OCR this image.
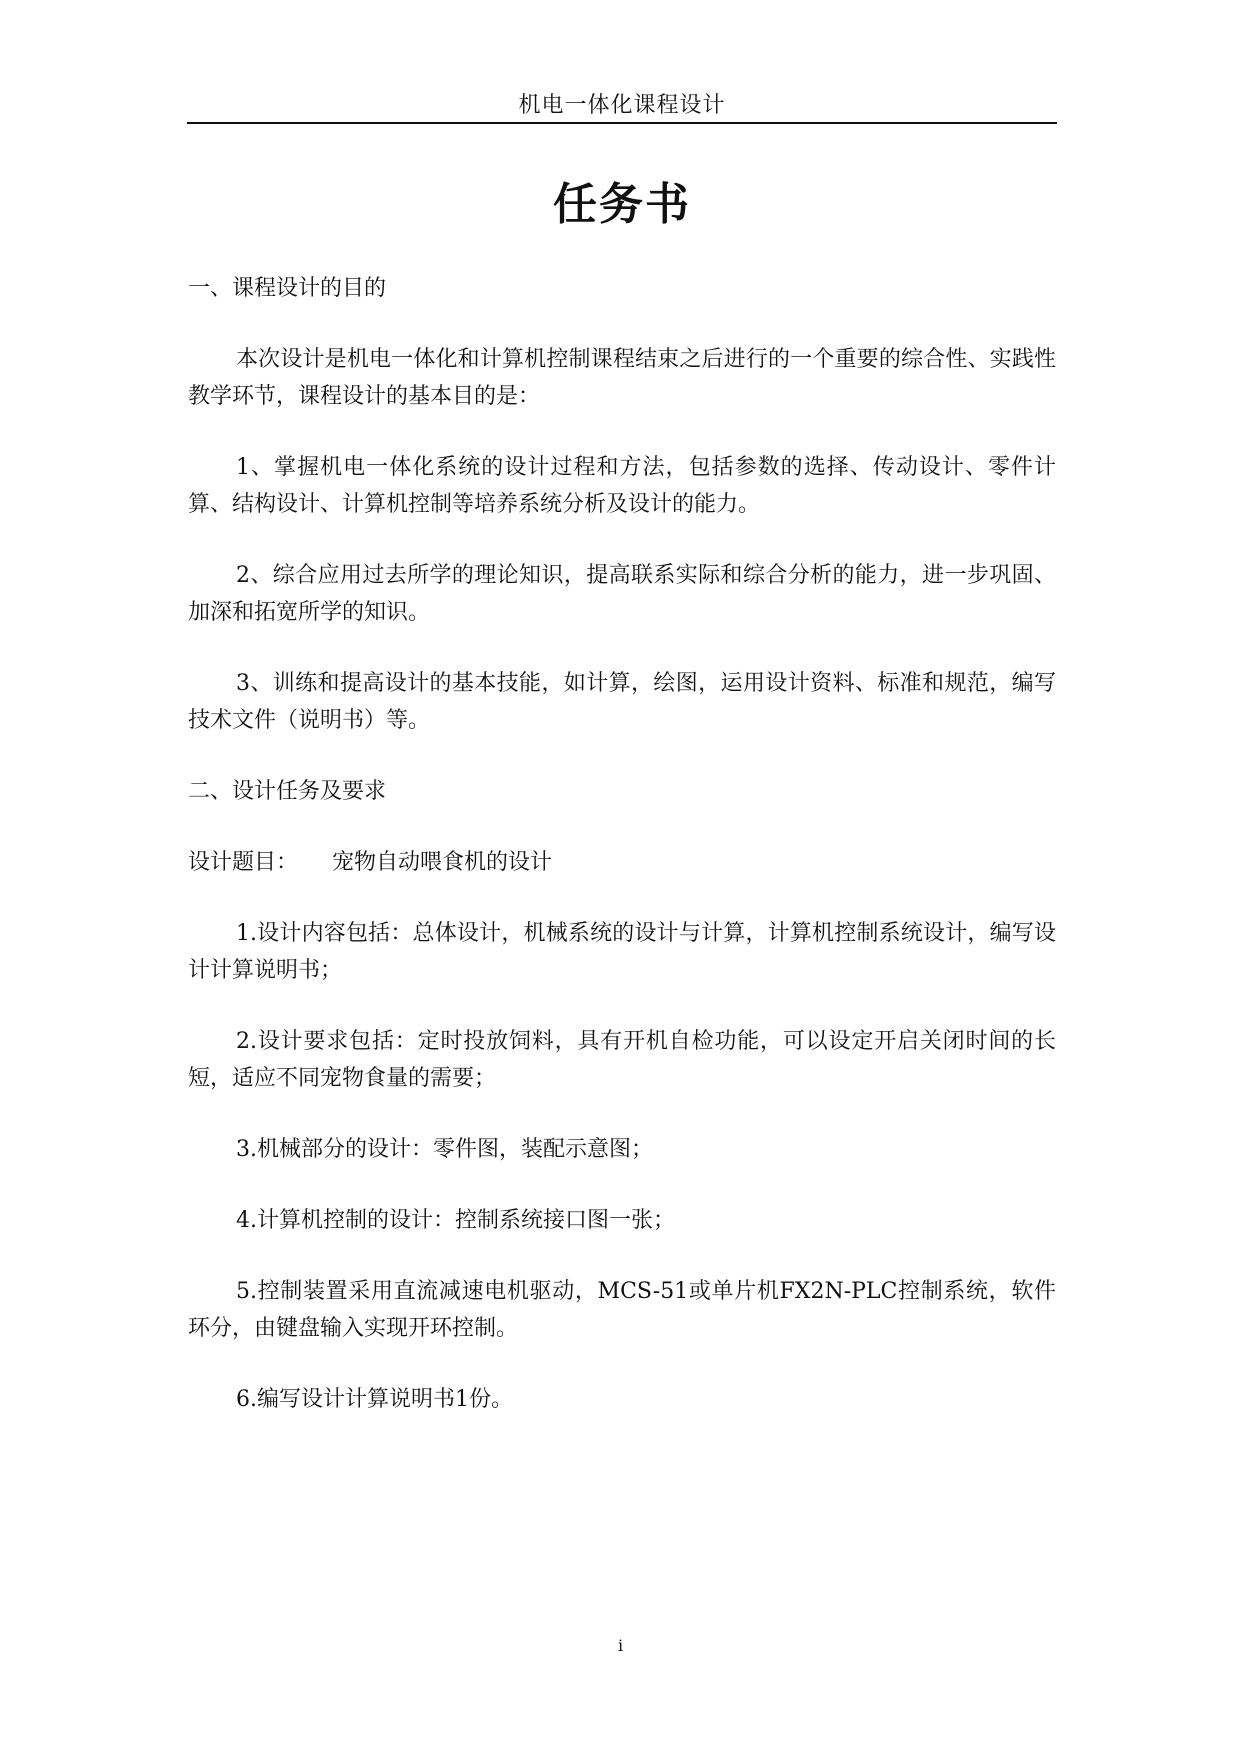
机电一体化课程设计
任务书

一、课程设计的目的

本次设计是机电一体化和计算机控制课程结束之后进行的一个重要的综合性、实践性教学环节，课程设计的基本目的是：

1、掌握机电一体化系统的设计过程和方法，包括参数的选择、传动设计、零件计算、结构设计、计算机控制等培养系统分析及设计的能力。

2、综合应用过去所学的理论知识，提高联系实际和综合分析的能力，进一步巩固、加深和拓宽所学的知识。

3、训练和提高设计的基本技能，如计算，绘图，运用设计资料、标准和规范，编写技术文件（说明书）等。

二、设计任务及要求

设计题目： 宠物自动喂食机的设计

1.设计内容包括：总体设计，机械系统的设计与计算，计算机控制系统设计，编写设计计算说明书；

2.设计要求包括：定时投放饲料，具有开机自检功能，可以设定开启关闭时间的长短，适应不同宠物食量的需要；

3.机械部分的设计：零件图，装配示意图；

4.计算机控制的设计：控制系统接口图一张；

5.控制装置采用直流减速电机驱动，MCS-51或单片机FX2N-PLC控制系统，软件环分，由键盘输入实现开环控制。

6.编写设计计算说明书1份。

i
